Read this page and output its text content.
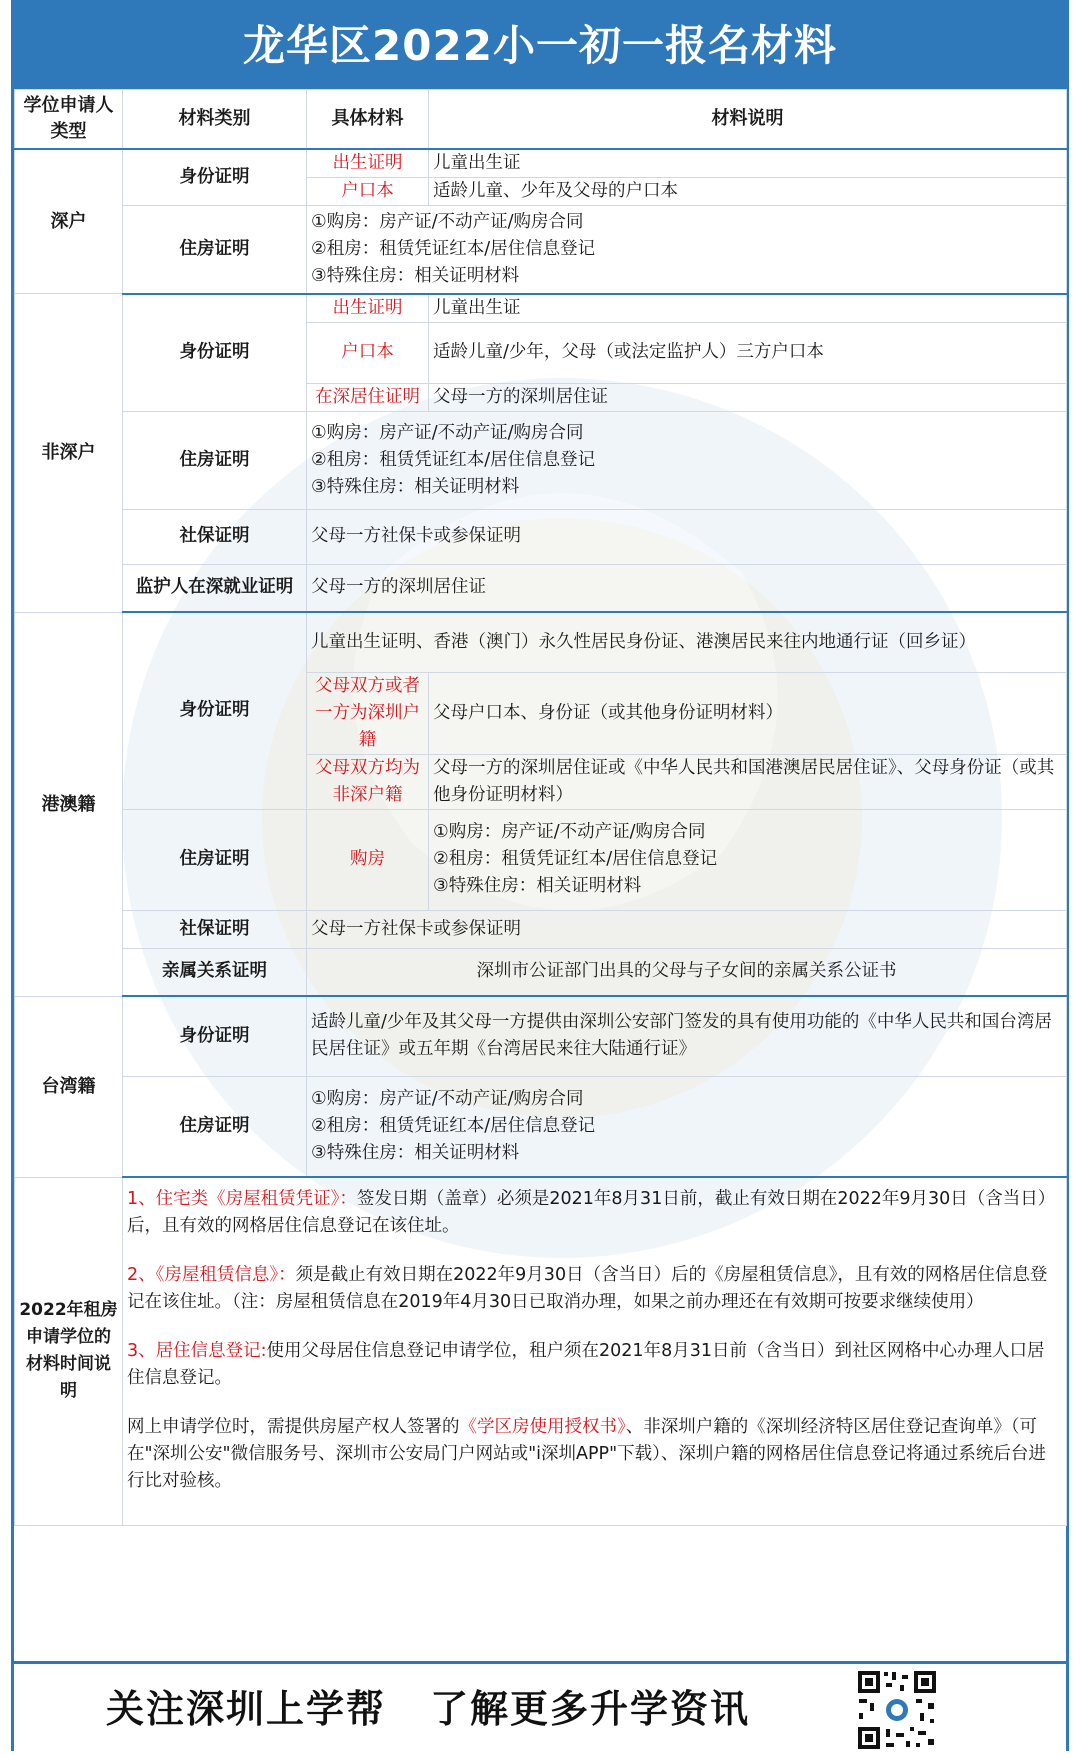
龙华区2022小一初一报名材料
学位申请人类型	材料类别	具体材料	材料说明
深户	身份证明	出生证明	儿童出生证
		户口本	适龄儿童、少年及父母的户口本
	住房证明	①购房：房产证/不动产证/购房合同
②租房：租赁凭证红本/居住信息登记
③特殊住房：相关证明材料	

非深户	身份证明	出生证明	儿童出生证
		户口本	适龄儿童/少年，父母（或法定监护人）三方户口本
		在深居住证明	父母一方的深圳居住证
	住房证明	①购房：房产证/不动产证/购房合同
②租房：租赁凭证红本/居住信息登记
③特殊住房：相关证明材料	

	社保证明	父母一方社保卡或参保证明	
	监护人在深就业证明	父母一方的深圳居住证	
港澳籍	身份证明	儿童出生证明、香港（澳门）永久性居民身份证、港澳居民来往内地通行证（回乡证）	
		父母双方或者一方为深圳户籍	父母户口本、身份证（或其他身份证明材料）
		父母双方均为非深户籍	父母一方的深圳居住证或《中华人民共和国港澳居民居住证》、父母身份证（或其他身份证明材料）
	住房证明	购房	①购房：房产证/不动产证/购房合同
②租房：租赁凭证红本/居住信息登记
③特殊住房：相关证明材料

	社保证明	父母一方社保卡或参保证明	
	亲属关系证明	深圳市公证部门出具的父母与子女间的亲属关系公证书	
台湾籍	身份证明	适龄儿童/少年及其父母一方提供由深圳公安部门签发的具有使用功能的《中华人民共和国台湾居民居住证》或五年期《台湾居民来往大陆通行证》	
	住房证明	①购房：房产证/不动产证/购房合同
②租房：租赁凭证红本/居住信息登记
③特殊住房：相关证明材料	

2022年租房申请学位的材料时间说明	1、住宅类《房屋租赁凭证》：签发日期（盖章）必须是2021年8月31日前，截止有效日期在2022年9月30日（含当日）后，且有效的网格居住信息登记在该住址。

2、《房屋租赁信息》：须是截止有效日期在2022年9月30日（含当日）后的《房屋租赁信息》，且有效的网格居住信息登记在该住址。（注：房屋租赁信息在2019年4月30日已取消办理，如果之前办理还在有效期可按要求继续使用）

3、居住信息登记:使用父母居住信息登记申请学位，租户须在2021年8月31日前（含当日）到社区网格中心办理人口居住信息登记。

网上申请学位时，需提供房屋产权人签署的《学区房使用授权书》、非深圳户籍的《深圳经济特区居住登记查询单》（可在"深圳公安"微信服务号、深圳市公安局门户网站或"i深圳APP"下载）、深圳户籍的网格居住信息登记将通过系统后台进行比对验核。		

关注深圳上学帮 了解更多升学资讯
